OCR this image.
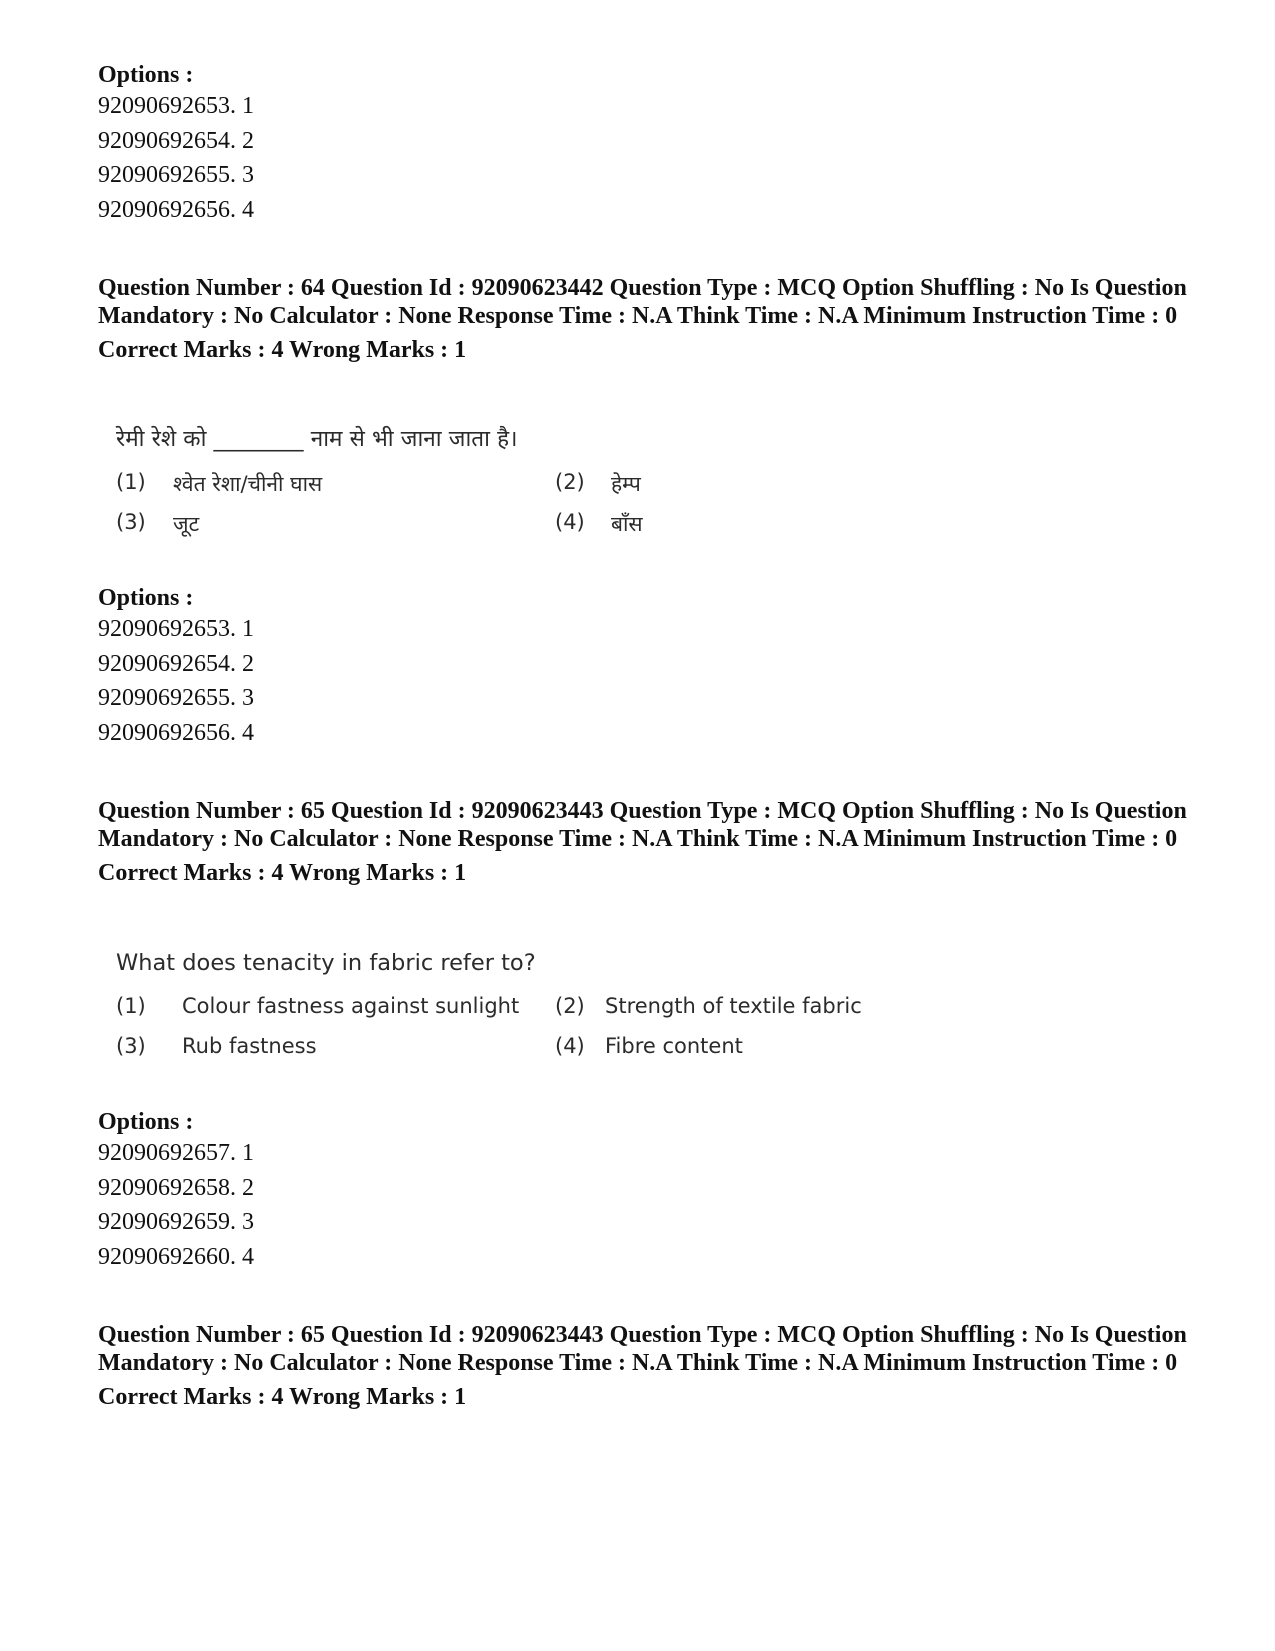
Options :

92090692653. 1

92090692654. 2

92090692655. 3

92090692656. 4

Question Number : 64 Question Id : 92090623442 Question Type : MCQ Option Shuffling : No Is Question Mandatory : No Calculator : None Response Time : N.A Think Time : N.A Minimum Instruction Time : 0

Correct Marks : 4 Wrong Marks : 1

रेमी रेशे को ________ नाम से भी जाना जाता है।

(1) श्वेत रेशा/चीनी घास	(2) हेम्प
(3) जूट	(4) बाँस

Options :

92090692653. 1

92090692654. 2

92090692655. 3

92090692656. 4

Question Number : 65 Question Id : 92090623443 Question Type : MCQ Option Shuffling : No Is Question Mandatory : No Calculator : None Response Time : N.A Think Time : N.A Minimum Instruction Time : 0

Correct Marks : 4 Wrong Marks : 1

What does tenacity in fabric refer to?

(1) Colour fastness against sunlight (2) Strength of textile fabric
(3) Rub fastness	(4) Fibre content

Options :

92090692657. 1

92090692658. 2

92090692659. 3

92090692660. 4

Question Number : 65 Question Id : 92090623443 Question Type : MCQ Option Shuffling : No Is Question Mandatory : No Calculator : None Response Time : N.A Think Time : N.A Minimum Instruction Time : 0

Correct Marks : 4 Wrong Marks : 1
